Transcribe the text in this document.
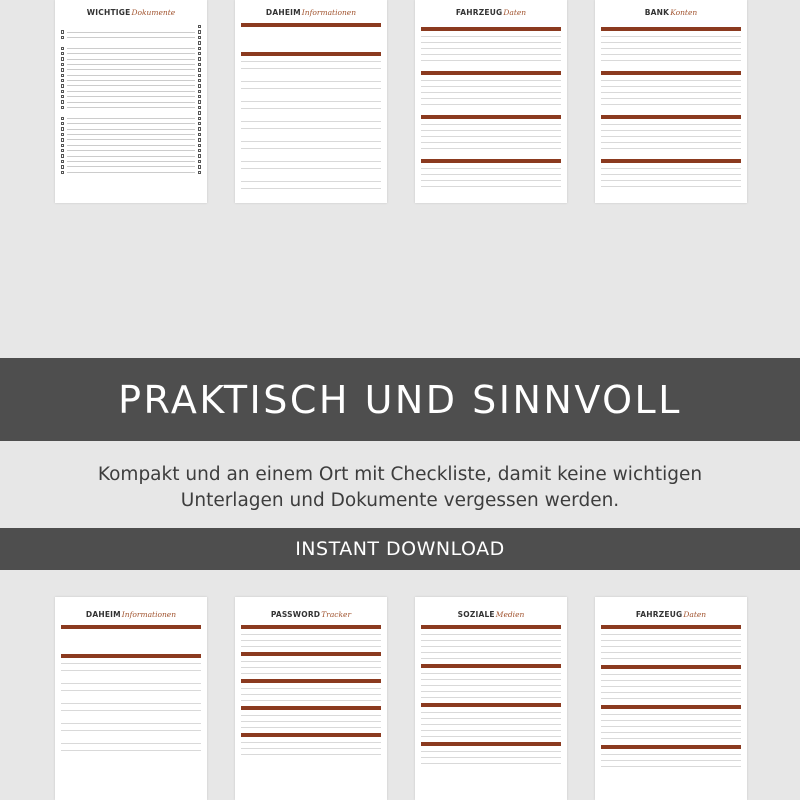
WICHTIGEDokumente	DAHEIMInformationen	FAHRZEUGDaten	BANKKonten
PRAKTISCH UND SINNVOLL
Kompakt und an einem Ort mit Checkliste, damit keine wichtigen
Unterlagen und Dokumente vergessen werden.
INSTANT DOWNLOAD
DAHEIMInformationen	PASSWORDTracker	SOZIALEMedien	FAHRZEUGDaten
